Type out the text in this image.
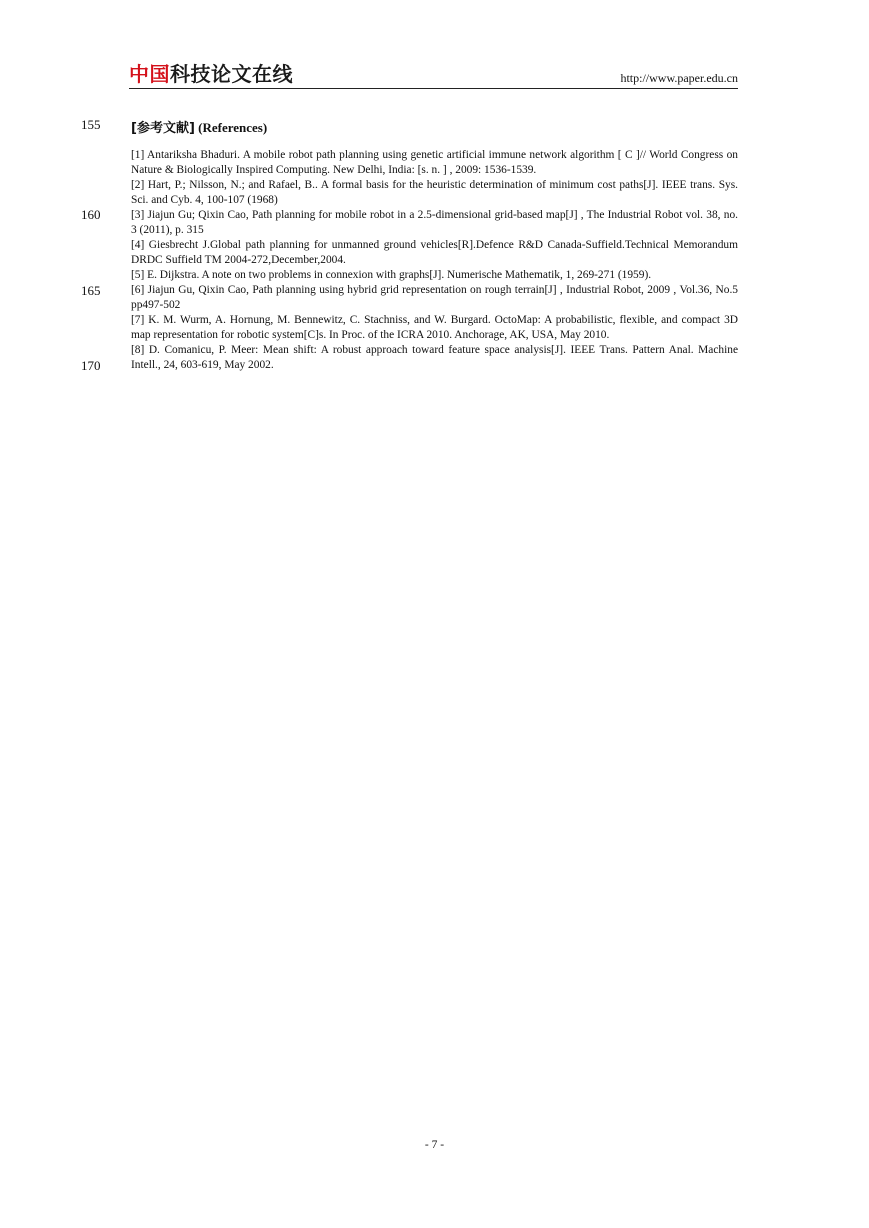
中国科技论文在线	http://www.paper.edu.cn
155 [参考文献] (References)
160
165
170

[1] Antariksha Bhaduri. A mobile robot path planning using genetic artificial immune network algorithm [ C ]// World Congress on Nature & Biologically Inspired Computing. New Delhi, India: [s. n. ] , 2009: 1536-1539.

[2] Hart, P.; Nilsson, N.; and Rafael, B.. A formal basis for the heuristic determination of minimum cost paths[J]. IEEE trans. Sys. Sci. and Cyb. 4, 100-107 (1968)

[3] Jiajun Gu; Qixin Cao, Path planning for mobile robot in a 2.5-dimensional grid-based map[J] , The Industrial Robot vol. 38, no. 3 (2011), p. 315

[4] Giesbrecht J.Global path planning for unmanned ground vehicles[R].Defence R&D Canada-Suffield.Technical Memorandum DRDC Suffield TM 2004-272,December,2004.

[5] E. Dijkstra. A note on two problems in connexion with graphs[J]. Numerische Mathematik, 1, 269-271 (1959).

[6] Jiajun Gu, Qixin Cao, Path planning using hybrid grid representation on rough terrain[J] , Industrial Robot, 2009 , Vol.36, No.5 pp497-502

[7] K. M. Wurm, A. Hornung, M. Bennewitz, C. Stachniss, and W. Burgard. OctoMap: A probabilistic, flexible, and compact 3D map representation for robotic system[C]s. In Proc. of the ICRA 2010. Anchorage, AK, USA, May 2010.

[8] D. Comanicu, P. Meer: Mean shift: A robust approach toward feature space analysis[J]. IEEE Trans. Pattern Anal. Machine Intell., 24, 603-619, May 2002.

- 7 -
